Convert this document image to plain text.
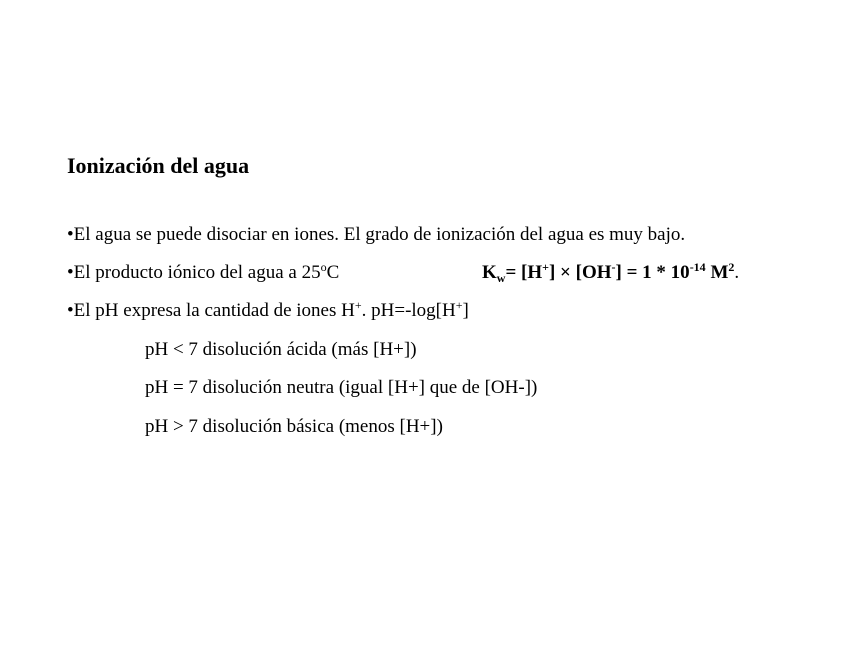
Ionización del agua
•El agua se puede disociar en iones. El grado de ionización del agua es muy bajo.
•El producto iónico del agua a 25$^o$C	$K_w= [H^+] \times [OH^-] = 1 * 10^{-14}$ $M^2$.
•El pH expresa la cantidad de iones H+. pH=-log[H+]
pH < 7 disolución ácida (más [H+])
pH = 7 disolución neutra (igual [H+] que de [OH-])
pH > 7 disolución básica (menos [H+])
